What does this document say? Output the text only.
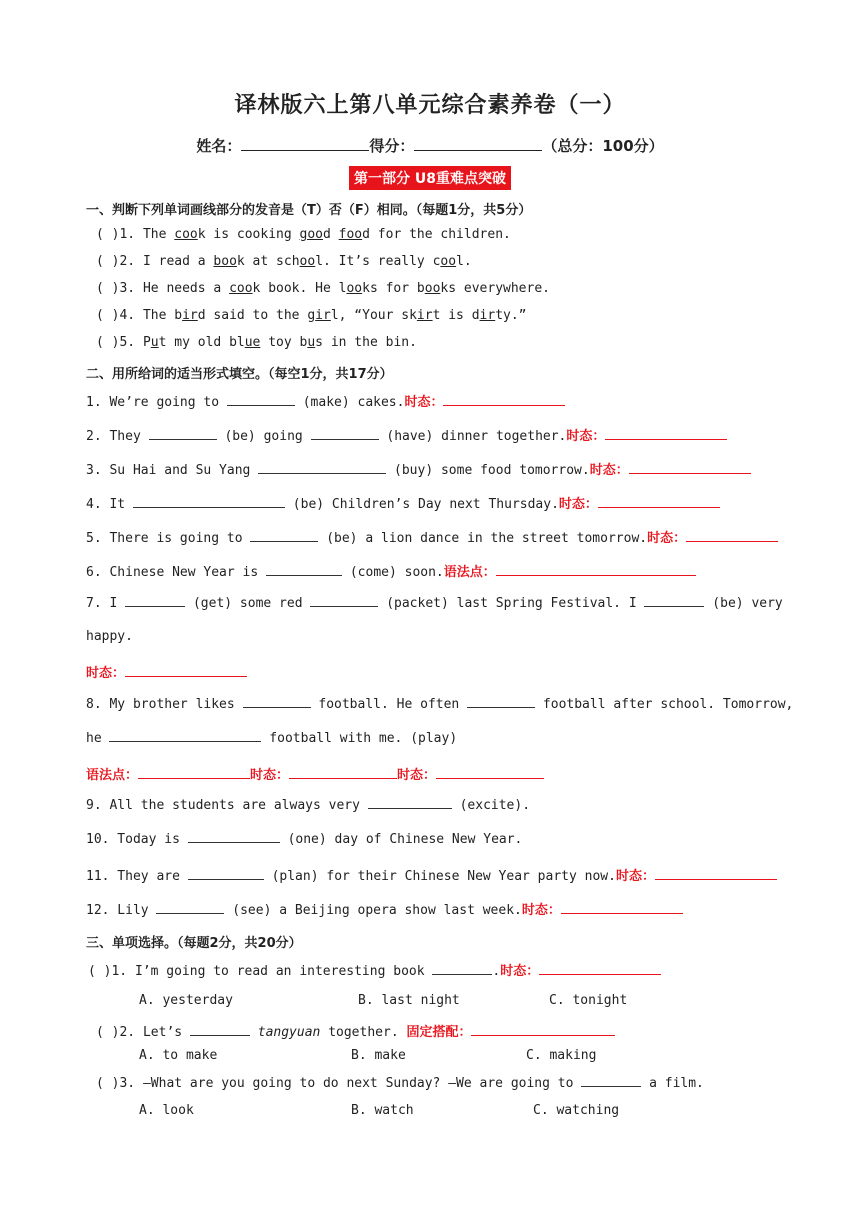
译林版六上第八单元综合素养卷（一）
姓名：	得分：	（总分：100分）
第一部分 U8重难点突破
一、判断下列单词画线部分的发音是（T）否（F）相同。（每题1分，共5分）
( )1. The cook is cooking good food for the children.
( )2. I read a book at school. It’s really cool.
( )3. He needs a cook book. He looks for books everywhere.
( )4. The bird said to the girl, “Your skirt is dirty.”
( )5. Put my old blue toy bus in the bin.
二、用所给词的适当形式填空。（每空1分，共17分）
1. We’re going to	(make) cakes.时态：
2. They	(be) going	(have) dinner together.时态：
3. Su Hai and Su Yang	(buy) some food tomorrow.时态：
4. It	(be) Children’s Day next Thursday.时态：
5. There is going to	(be) a lion dance in the street tomorrow.时态：
6. Chinese New Year is	(come) soon.语法点：
7. I	(get) some red	(packet) last Spring Festival. I	(be) very
happy.
时态：
8. My brother likes	football. He often	football after school. Tomorrow,
he	football with me. (play)
语法点：	时态：	时态：
9. All the students are always very	(excite).
10. Today is	(one) day of Chinese New Year.
11. They are	(plan) for their Chinese New Year party now.时态：
12. Lily	(see) a Beijing opera show last week.时态：
三、单项选择。（每题2分，共20分）
( )1. I’m going to read an interesting book	.时态：
A. yesterday	B. last night	C. tonight
( )2. Let’s	tangyuan together. 固定搭配：
A. to make	B. make	C. making
( )3. —What are you going to do next Sunday? —We are going to	a film.
A. look	B. watch	C. watching
